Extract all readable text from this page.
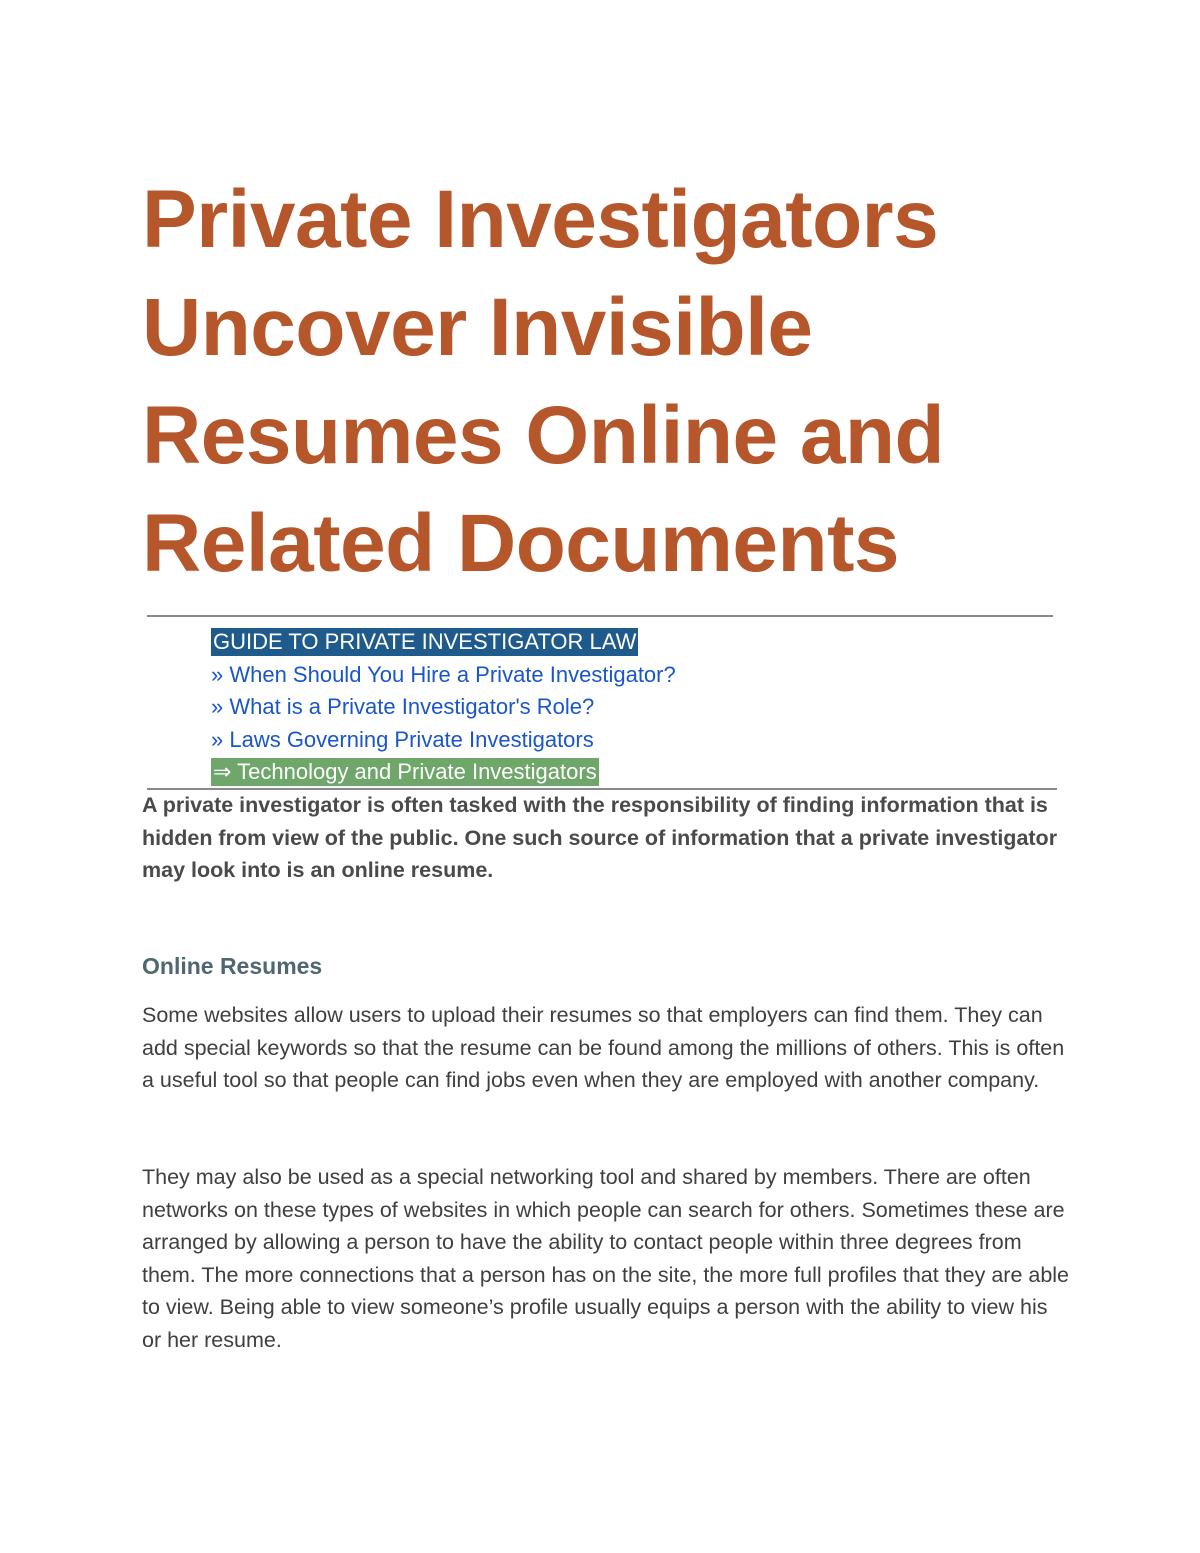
Private Investigators
Uncover Invisible
Resumes Online and
Related Documents
GUIDE TO PRIVATE INVESTIGATOR LAW
» When Should You Hire a Private Investigator?
» What is a Private Investigator's Role?
» Laws Governing Private Investigators
⇒ Technology and Private Investigators

A private investigator is often tasked with the responsibility of finding information that is hidden from view of the public. One such source of information that a private investigator may look into is an online resume.

Online Resumes

Some websites allow users to upload their resumes so that employers can find them. They can add special keywords so that the resume can be found among the millions of others. This is often a useful tool so that people can find jobs even when they are employed with another company.

They may also be used as a special networking tool and shared by members. There are often networks on these types of websites in which people can search for others. Sometimes these are arranged by allowing a person to have the ability to contact people within three degrees from them. The more connections that a person has on the site, the more full profiles that they are able to view. Being able to view someone’s profile usually equips a person with the ability to view his or her resume.
